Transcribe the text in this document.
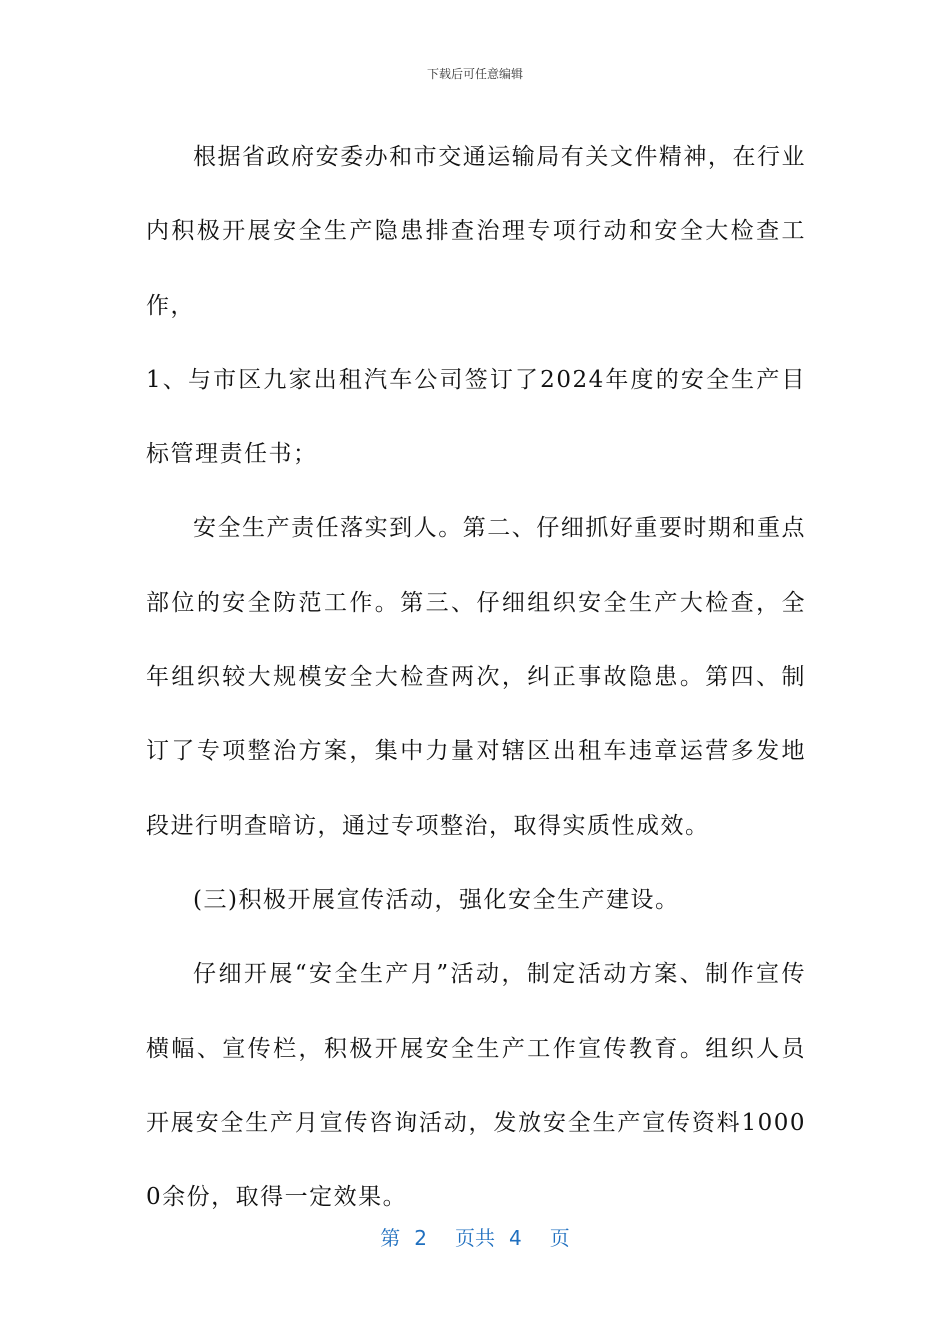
下载后可任意编辑

根据省政府安委办和市交通运输局有关文件精神，在行业内积极开展安全生产隐患排查治理专项行动和安全大检查工作，

1、与市区九家出租汽车公司签订了2024年度的安全生产目标管理责任书；

安全生产责任落实到人。第二、仔细抓好重要时期和重点部位的安全防范工作。第三、仔细组织安全生产大检查，全年组织较大规模安全大检查两次，纠正事故隐患。第四、制订了专项整治方案，集中力量对辖区出租车违章运营多发地段进行明查暗访，通过专项整治，取得实质性成效。

(三)积极开展宣传活动，强化安全生产建设。

仔细开展“安全生产月”活动，制定活动方案、制作宣传横幅、宣传栏，积极开展安全生产工作宣传教育。组织人员开展安全生产月宣传咨询活动，发放安全生产宣传资料10000余份，取得一定效果。

第 2 页共 4 页
